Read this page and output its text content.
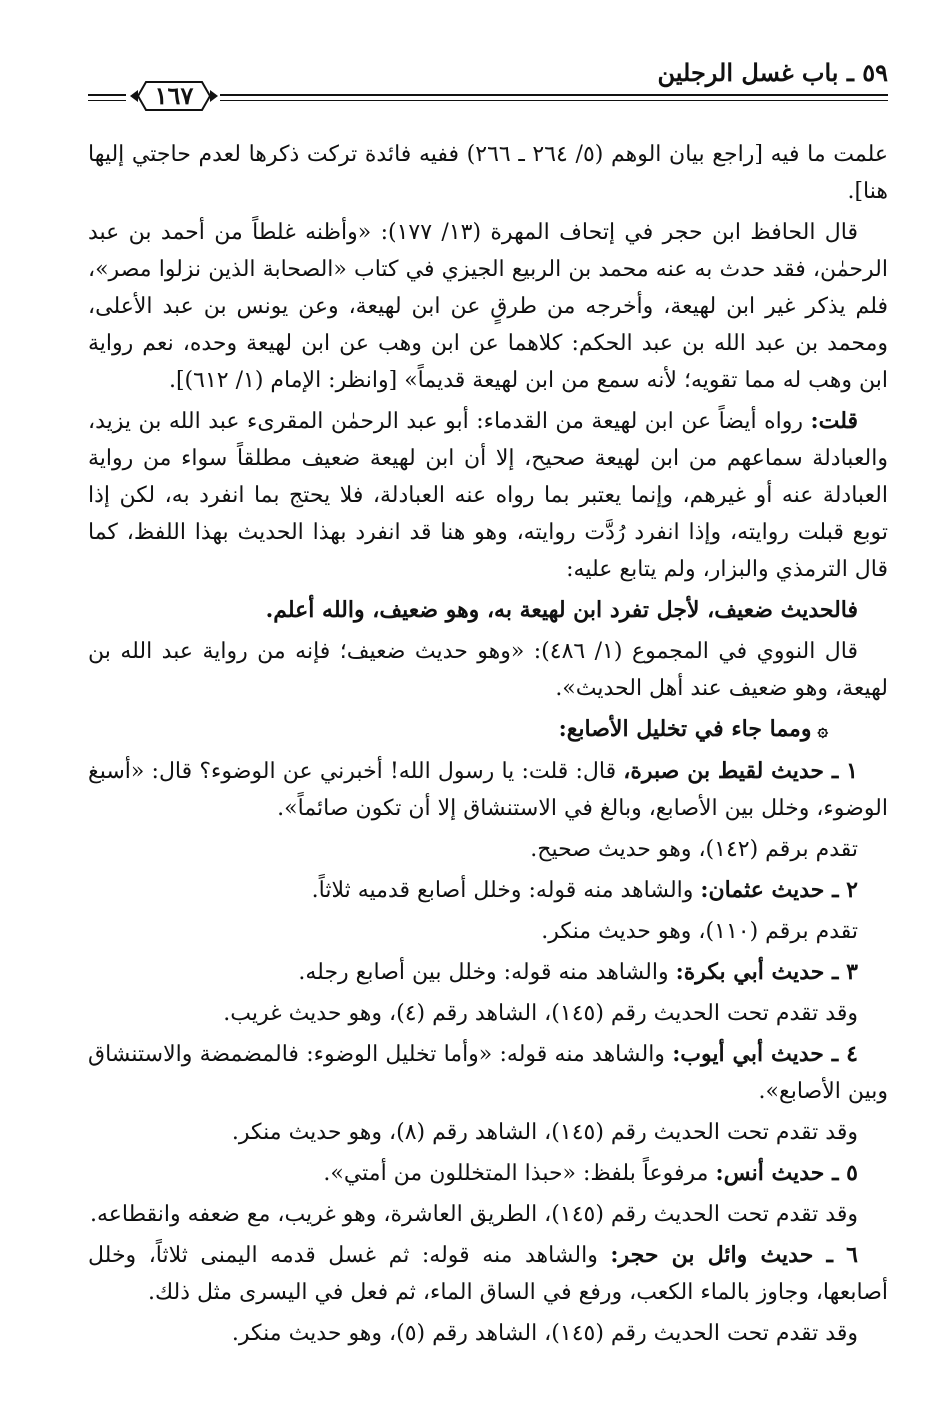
٥٩ ـ باب غسل الرجلين
١٦٧

علمت ما فيه [راجع بيان الوهم (٥/ ٢٦٤ ـ ٢٦٦) ففيه فائدة تركت ذكرها لعدم حاجتي إليها هنا].

قال الحافظ ابن حجر في إتحاف المهرة (١٣/ ١٧٧): «وأظنه غلطاً من أحمد بن عبد الرحمٰن، فقد حدث به عنه محمد بن الربيع الجيزي في كتاب «الصحابة الذين نزلوا مصر»، فلم يذكر غير ابن لهيعة، وأخرجه من طرقٍ عن ابن لهيعة، وعن يونس بن عبد الأعلى، ومحمد بن عبد الله بن عبد الحكم: كلاهما عن ابن وهب عن ابن لهيعة وحده، نعم رواية ابن وهب له مما تقويه؛ لأنه سمع من ابن لهيعة قديماً» [وانظر: الإمام (١/ ٦١٢)].

قلت: رواه أيضاً عن ابن لهيعة من القدماء: أبو عبد الرحمٰن المقرىء عبد الله بن يزيد، والعبادلة سماعهم من ابن لهيعة صحيح، إلا أن ابن لهيعة ضعيف مطلقاً سواء من رواية العبادلة عنه أو غيرهم، وإنما يعتبر بما رواه عنه العبادلة، فلا يحتج بما انفرد به، لكن إذا توبع قبلت روايته، وإذا انفرد رُدَّت روايته، وهو هنا قد انفرد بهذا الحديث بهذا اللفظ، كما قال الترمذي والبزار، ولم يتابع عليه:

فالحديث ضعيف، لأجل تفرد ابن لهيعة به، وهو ضعيف، والله أعلم.

قال النووي في المجموع (١/ ٤٨٦): «وهو حديث ضعيف؛ فإنه من رواية عبد الله بن لهيعة، وهو ضعيف عند أهل الحديث».

۞ومما جاء في تخليل الأصابع:

١ ـ حديث لقيط بن صبرة، قال: قلت: يا رسول الله! أخبرني عن الوضوء؟ قال: «أسبغ الوضوء، وخلل بين الأصابع، وبالغ في الاستنشاق إلا أن تكون صائماً».

تقدم برقم (١٤٢)، وهو حديث صحيح.

٢ ـ حديث عثمان: والشاهد منه قوله: وخلل أصابع قدميه ثلاثاً.

تقدم برقم (١١٠)، وهو حديث منكر.

٣ ـ حديث أبي بكرة: والشاهد منه قوله: وخلل بين أصابع رجله.

وقد تقدم تحت الحديث رقم (١٤٥)، الشاهد رقم (٤)، وهو حديث غريب.

٤ ـ حديث أبي أيوب: والشاهد منه قوله: «وأما تخليل الوضوء: فالمضمضة والاستنشاق وبين الأصابع».

وقد تقدم تحت الحديث رقم (١٤٥)، الشاهد رقم (٨)، وهو حديث منكر.

٥ ـ حديث أنس: مرفوعاً بلفظ: «حبذا المتخللون من أمتي».

وقد تقدم تحت الحديث رقم (١٤٥)، الطريق العاشرة، وهو غريب، مع ضعفه وانقطاعه.

٦ ـ حديث وائل بن حجر: والشاهد منه قوله: ثم غسل قدمه اليمنى ثلاثاً، وخلل أصابعها، وجاوز بالماء الكعب، ورفع في الساق الماء، ثم فعل في اليسرى مثل ذلك.

وقد تقدم تحت الحديث رقم (١٤٥)، الشاهد رقم (٥)، وهو حديث منكر.
